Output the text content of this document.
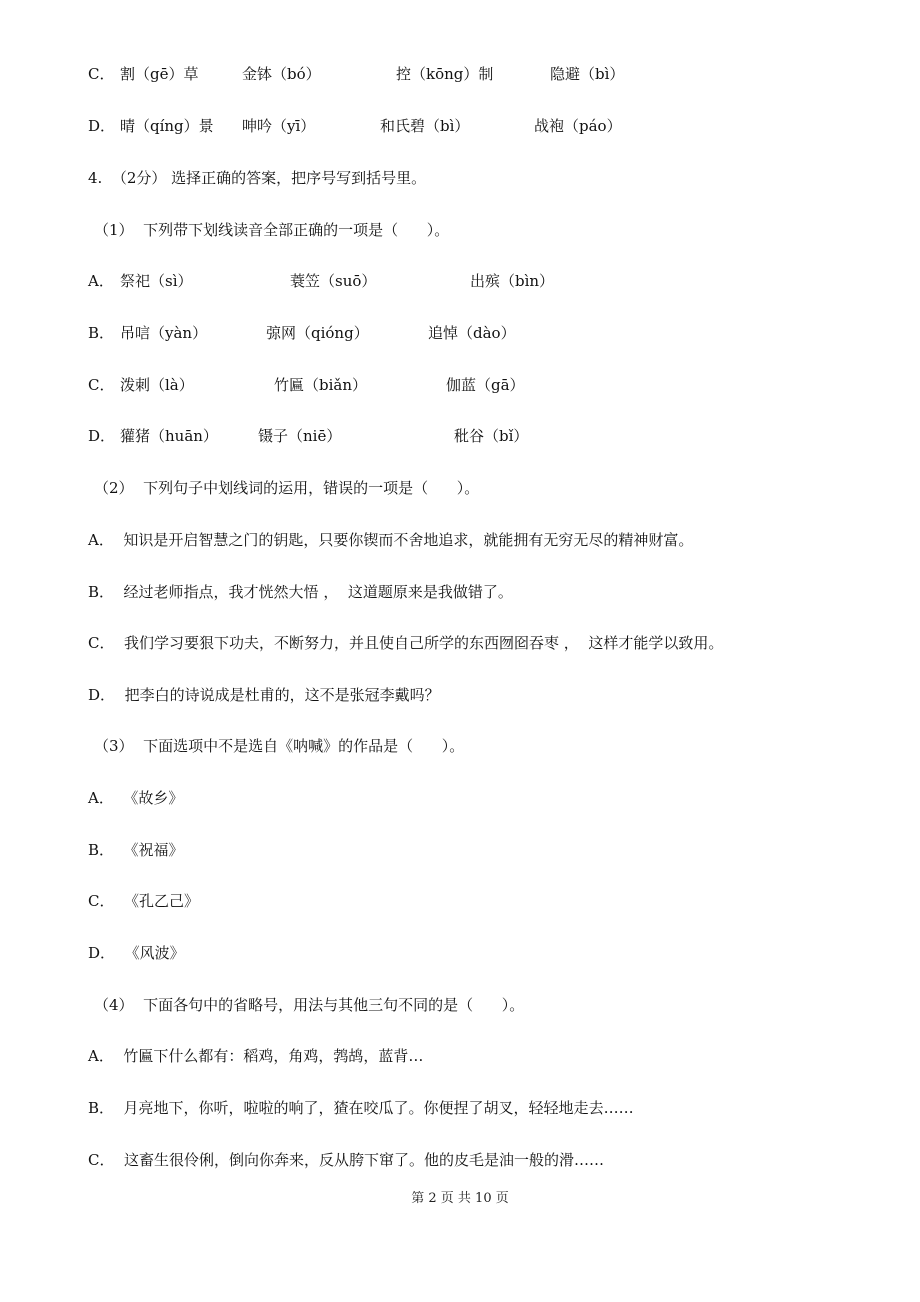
C．

割（gē）草

	金钵（bó）

	控（kōng）制

	隐避（bì）

D．

晴（qíng）景

呻吟（yī）

	和氏碧（bì）

	战袍（páo）

4.  （2分） 选择正确的答案，把序号写到括号里。

（1）  下列带下划线读音全部正确的一项是（      ）。

A．

祭祀（sì）

	蓑笠（suō）

	出殡（bìn）

B．

吊唁（yàn）

	弶网（qióng）

	追悼（dào）

C．

泼刺（là）

	竹匾（biǎn）

	伽蓝（gā）

D．

獾猪（huān）

	镊子（niē）

	秕谷（bǐ）

（2）  下列句子中划线词的运用，错误的一项是（      ）。

A．  知识是开启智慧之门的钥匙，只要你锲而不舍地追求，就能拥有无穷无尽的精神财富。

B．  经过老师指点，我才恍然大悟 ，  这道题原来是我做错了。

C．  我们学习要狠下功夫，不断努力，并且使自己所学的东西囫囵吞枣 ，  这样才能学以致用。

D．  把李白的诗说成是杜甫的，这不是张冠李戴吗？

（3）  下面选项中不是选自《呐喊》的作品是（      ）。

A．  《故乡》

B．  《祝福》

C．  《孔乙己》

D．  《风波》

（4）  下面各句中的省略号，用法与其他三句不同的是（      ）。

A．  竹匾下什么都有：稻鸡，角鸡，鹁鸪，蓝背…

B．  月亮地下，你听，啦啦的响了，猹在咬瓜了。你便捏了胡叉，轻轻地走去……

C．  这畜生很伶俐，倒向你奔来，反从胯下窜了。他的皮毛是油一般的滑……

第 2 页 共 10 页
